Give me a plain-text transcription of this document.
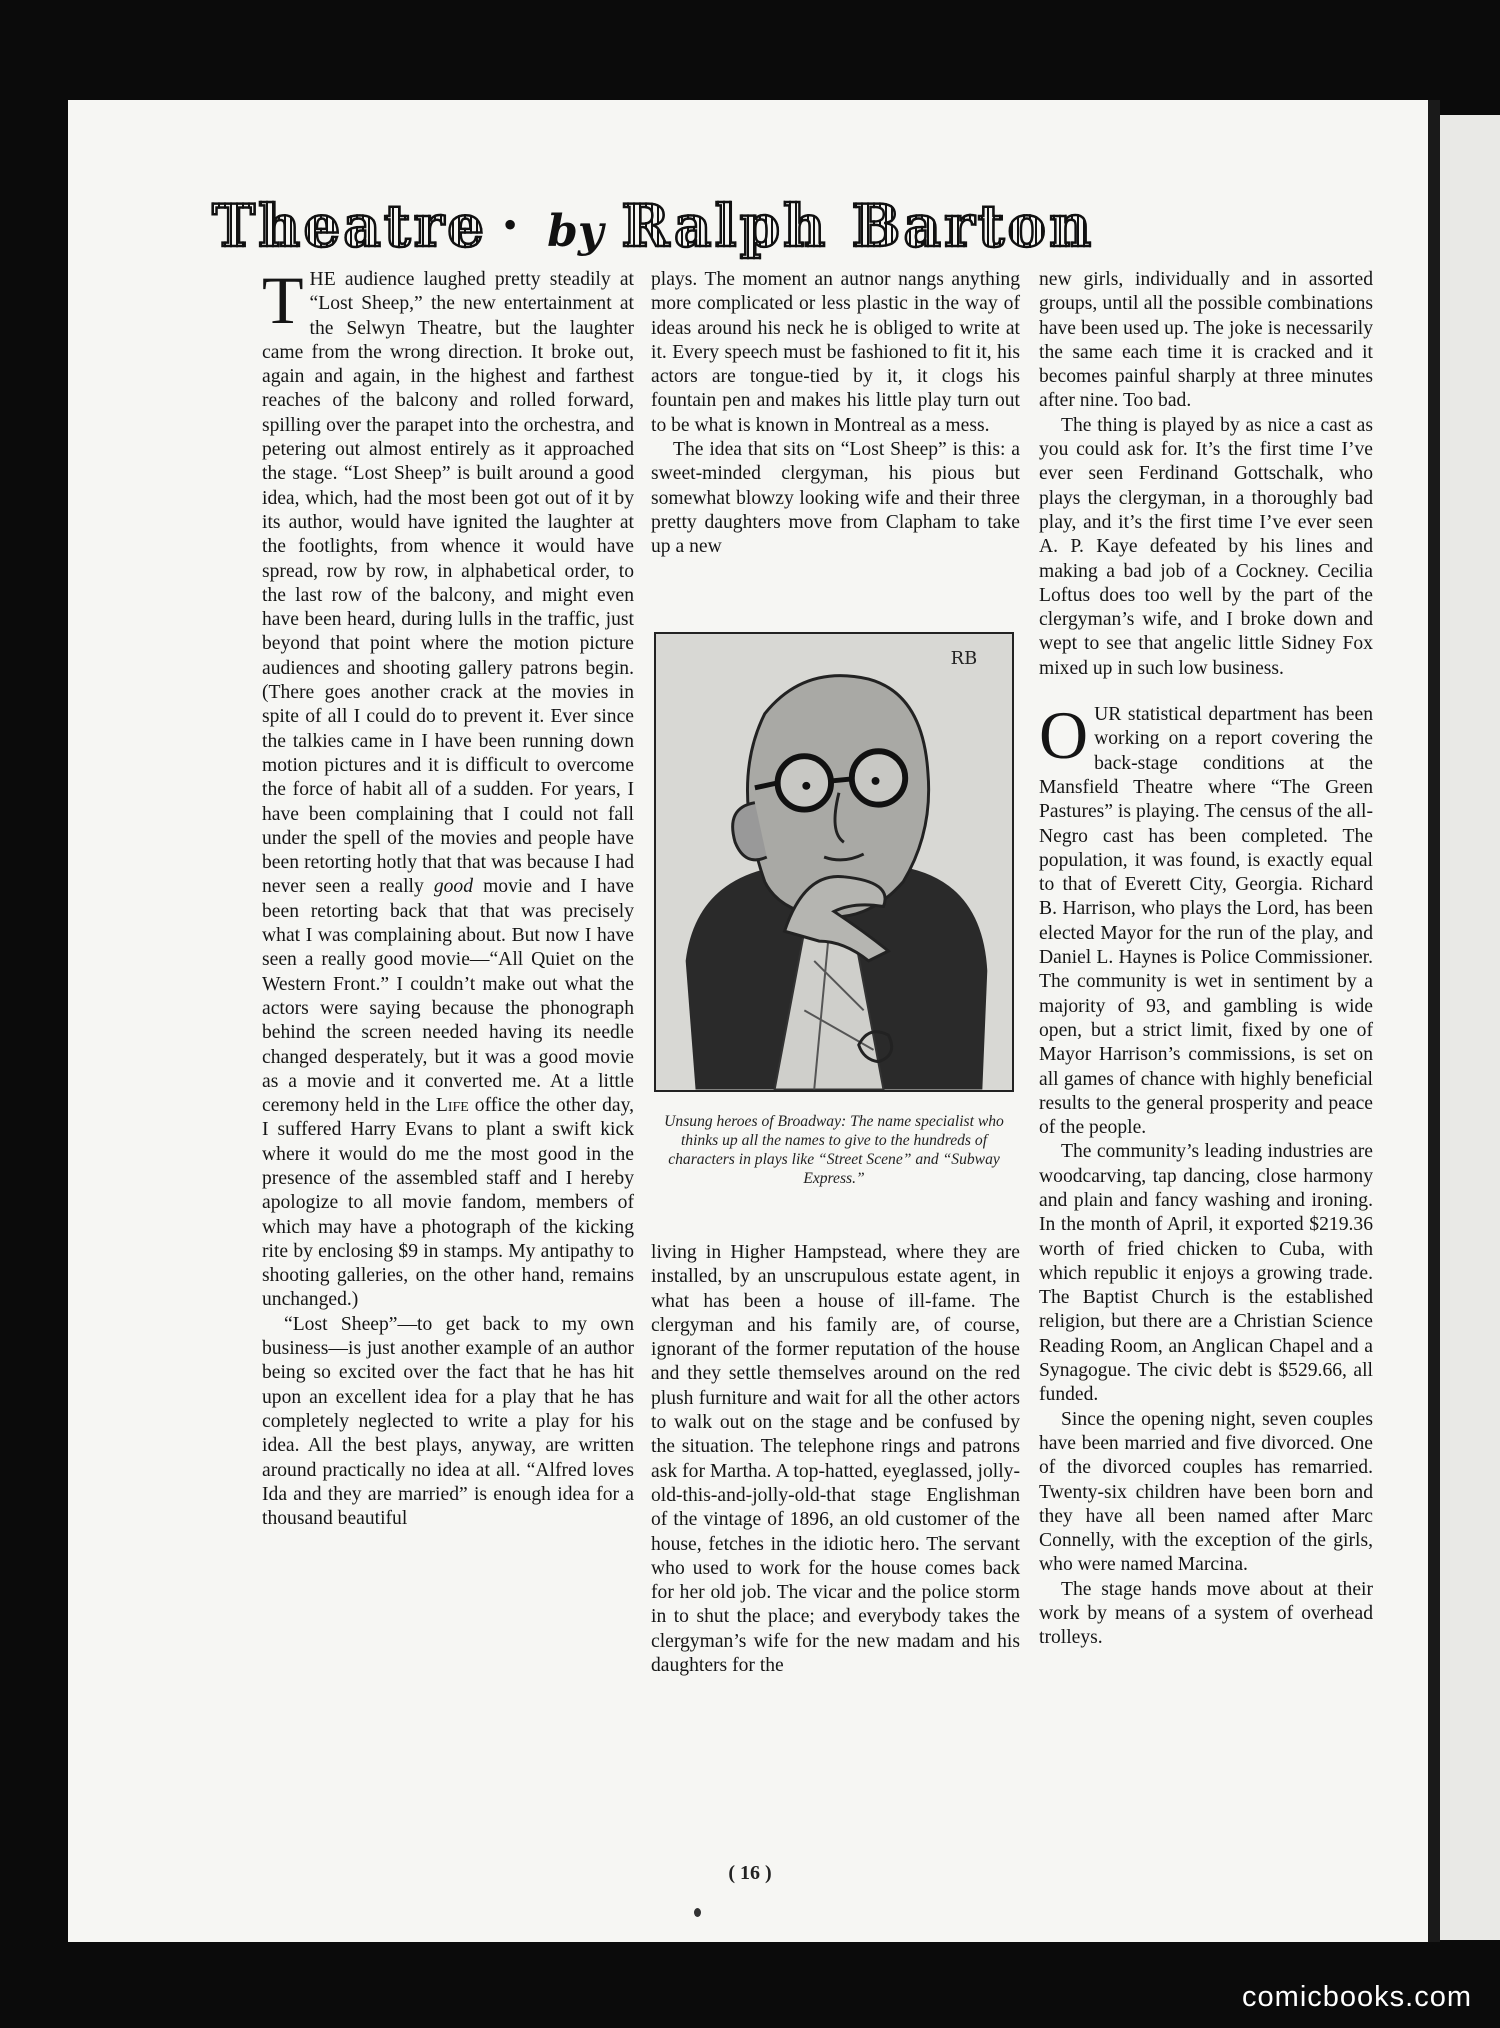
Theatre • by Ralph Barton

THE audience laughed pretty steadily at “Lost Sheep,” the new entertainment at the Selwyn Theatre, but the laughter came from the wrong direction. It broke out, again and again, in the highest and farthest reaches of the balcony and rolled forward, spilling over the parapet into the orchestra, and petering out almost entirely as it approached the stage. “Lost Sheep” is built around a good idea, which, had the most been got out of it by its author, would have ignited the laughter at the footlights, from whence it would have spread, row by row, in alphabetical order, to the last row of the balcony, and might even have been heard, during lulls in the traffic, just beyond that point where the motion picture audiences and shooting gallery patrons begin. (There goes another crack at the movies in spite of all I could do to prevent it. Ever since the talkies came in I have been running down motion pictures and it is difficult to overcome the force of habit all of a sudden. For years, I have been complaining that I could not fall under the spell of the movies and people have been retorting hotly that that was because I had never seen a really good movie and I have been retorting back that that was precisely what I was complaining about. But now I have seen a really good movie—“All Quiet on the Western Front.” I couldn’t make out what the actors were saying because the phonograph behind the screen needed having its needle changed desperately, but it was a good movie as a movie and it converted me. At a little ceremony held in the Life office the other day, I suffered Harry Evans to plant a swift kick where it would do me the most good in the presence of the assembled staff and I hereby apologize to all movie fandom, members of which may have a photograph of the kicking rite by enclosing $9 in stamps. My antipathy to shooting galleries, on the other hand, remains unchanged.)

“Lost Sheep”—to get back to my own business—is just another example of an author being so excited over the fact that he has hit upon an excellent idea for a play that he has completely neglected to write a play for his idea. All the best plays, anyway, are written around practically no idea at all. “Alfred loves Ida and they are married” is enough idea for a thousand beautiful

plays. The moment an autnor nangs anything more complicated or less plastic in the way of ideas around his neck he is obliged to write at it. Every speech must be fashioned to fit it, his actors are tongue-tied by it, it clogs his fountain pen and makes his little play turn out to be what is known in Montreal as a mess.

The idea that sits on “Lost Sheep” is this: a sweet-minded clergyman, his pious but somewhat blowzy looking wife and their three pretty daughters move from Clapham to take up a new

living in Higher Hampstead, where they are installed, by an unscrupulous estate agent, in what has been a house of ill-fame. The clergyman and his family are, of course, ignorant of the former reputation of the house and they settle themselves around on the red plush furniture and wait for all the other actors to walk out on the stage and be confused by the situation. The telephone rings and patrons ask for Martha. A top-hatted, eyeglassed, jolly-old-this-and-jolly-old-that stage Englishman of the vintage of 1896, an old customer of the house, fetches in the idiotic hero. The servant who used to work for the house comes back for her old job. The vicar and the police storm in to shut the place; and everybody takes the clergyman’s wife for the new madam and his daughters for the

new girls, individually and in assorted groups, until all the possible combinations have been used up. The joke is necessarily the same each time it is cracked and it becomes painful sharply at three minutes after nine. Too bad.

The thing is played by as nice a cast as you could ask for. It’s the first time I’ve ever seen Ferdinand Gottschalk, who plays the clergyman, in a thoroughly bad play, and it’s the first time I’ve ever seen A. P. Kaye defeated by his lines and making a bad job of a Cockney. Cecilia Loftus does too well by the part of the clergyman’s wife, and I broke down and wept to see that angelic little Sidney Fox mixed up in such low business.

OUR statistical department has been working on a report covering the back-stage conditions at the Mansfield Theatre where “The Green Pastures” is playing. The census of the all-Negro cast has been completed. The population, it was found, is exactly equal to that of Everett City, Georgia. Richard B. Harrison, who plays the Lord, has been elected Mayor for the run of the play, and Daniel L. Haynes is Police Commissioner. The community is wet in sentiment by a majority of 93, and gambling is wide open, but a strict limit, fixed by one of Mayor Harrison’s commissions, is set on all games of chance with highly beneficial results to the general prosperity and peace of the people.

The community’s leading industries are woodcarving, tap dancing, close harmony and plain and fancy washing and ironing. In the month of April, it exported $219.36 worth of fried chicken to Cuba, with which republic it enjoys a growing trade. The Baptist Church is the established religion, but there are a Christian Science Reading Room, an Anglican Chapel and a Synagogue. The civic debt is $529.66, all funded.

Since the opening night, seven couples have been married and five divorced. One of the divorced couples has remarried. Twenty-six children have been born and they have all been named after Marc Connelly, with the exception of the girls, who were named Marcina.

The stage hands move about at their work by means of a system of overhead trolleys.

RB
Unsung heroes of Broadway: The name specialist who thinks up all the names to give to the hundreds of characters in plays like “Street Scene” and “Subway Express.”
( 16 )
comicbooks.com
